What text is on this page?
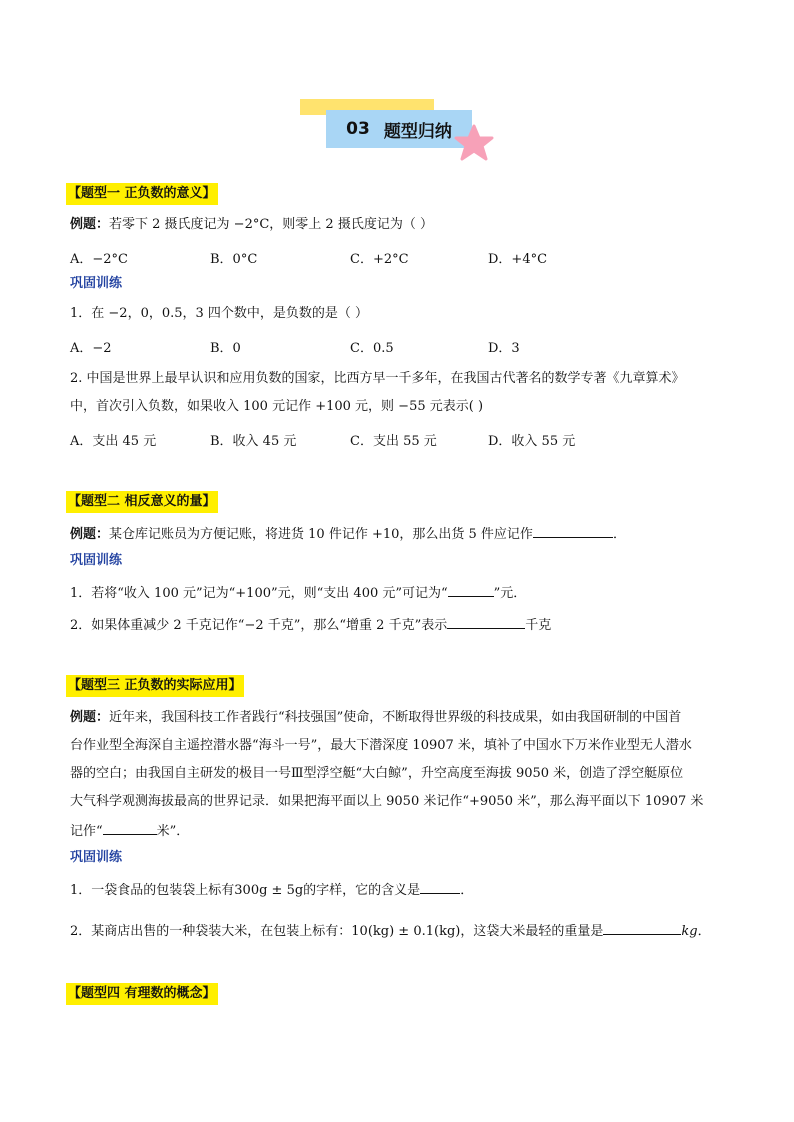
03 题型归纳
【题型一 正负数的意义】
例题：若零下 2 摄氏度记为 −2°C，则零上 2 摄氏度记为（ ）
A．−2°C	B．0°C	C．+2°C	D．+4°C
巩固训练
1．在 −2，0，0.5，3 四个数中，是负数的是（ ）
A．−2	B．0	C．0.5	D．3
2. 中国是世界上最早认识和应用负数的国家，比西方早一千多年，在我国古代著名的数学专著《九章算术》
中，首次引入负数，如果收入 100 元记作 +100 元，则 −55 元表示( )
A．支出 45 元	B．收入 45 元	C．支出 55 元	D．收入 55 元
【题型二 相反意义的量】
例题：某仓库记账员为方便记账，将进货 10 件记作 +10，那么出货 5 件应记作	．
巩固训练
1．若将“收入 100 元”记为“+100”元，则“支出 400 元”可记为“	”元．
2．如果体重减少 2 千克记作“−2 千克”，那么“增重 2 千克”表示	千克
【题型三 正负数的实际应用】
例题：近年来，我国科技工作者践行“科技强国”使命，不断取得世界级的科技成果，如由我国研制的中国首
台作业型全海深自主遥控潜水器“海斗一号”，最大下潜深度 10907 米，填补了中国水下万米作业型无人潜水
器的空白；由我国自主研发的极目一号Ⅲ型浮空艇“大白鲸”，升空高度至海拔 9050 米，创造了浮空艇原位
大气科学观测海拔最高的世界记录．如果把海平面以上 9050 米记作“+9050 米”，那么海平面以下 10907 米
记作“	米”．
巩固训练
1．一袋食品的包装袋上标有300g ± 5g的字样，它的含义是	．
2．某商店出售的一种袋装大米，在包装上标有：10(kg) ± 0.1(kg)，这袋大米最轻的重量是	kg．
【题型四 有理数的概念】
